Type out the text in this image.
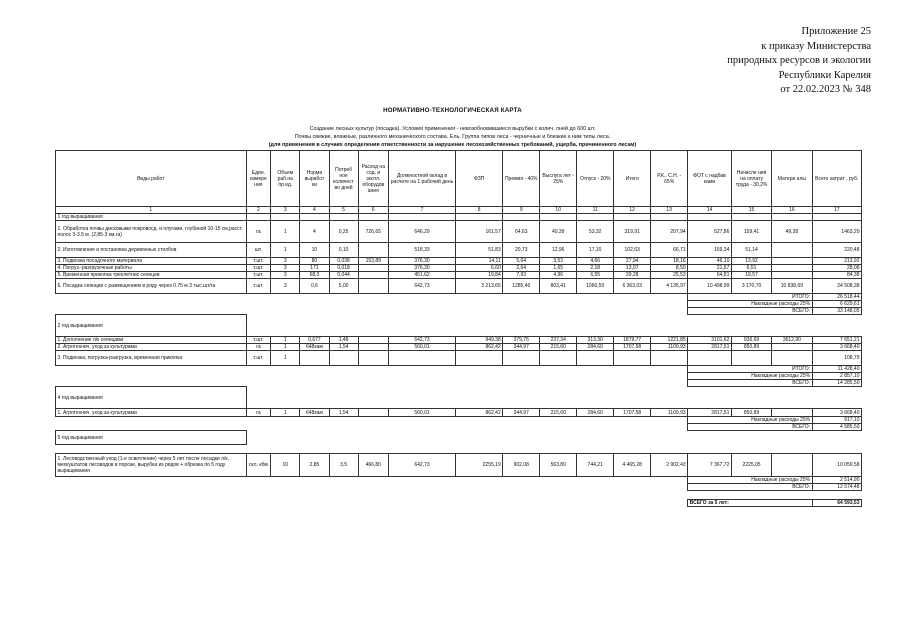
Приложение 25
к приказу Министерства
природных ресурсов и экологии
Республики Карелия
от 22.02.2023 № 348
НОРМАТИВНО-ТЕХНОЛОГИЧЕСКАЯ КАРТА
Создание лесных культур (посадка). Условия применения - невозобновившиеся вырубки с колич. пней до 600 шт.
Почвы свежие, влажные, различного механического состава. Ель. Группа типов леса - черничные и близкие к ним типы леса.
(для применения в случаях определения ответственности за нарушение лесохозяйственных требований, ущерба, причиненного лесам)
Виды работ	Един. измере ния	Объем раб.на пр.ед.	Норма выработ ки	Потреб ное количест во дней	Расход на сод. и экспл. оборудов ания	Должностной оклад в расчете на 1 рабочий день	ФЗП	Премия - 40%	Выслуга лет - 25%	Отпуск - 20%	Итого	Р.К., С.Н. - 65%	ФОТ с надбав ками	Начисле ния на оплату труда - 30,2%	Матери алы	Всего затрат , руб.
1	2	3	4	5	6	7	8	9	10	11	12	13	14	15	16	17
1 год выращивания																
1. Обработка почвы дисковыми покровосд. и плугами, глубиной 10-15 см,расст. полос 3-3.5 м. (2,85-3 км.га)	га	1	4	0,25	726,65	646,29	161,57	64,63	40,39	53,32	319,91	207,94	527,86	159,41	49,28	1463,20
2. Изготовление и постановка деревянных столбов	шт.	1	10	0,10		518,33	51,83	20,73	12,96	17,10	102,63	66,71	169,34	51,14		220,48
3. Подвозка посадочного материала	т.шт.	3	80	0,038	153,89	376,30	14,11	5,64	3,53	4,66	27,94	18,16	46,10	13,92		213,92
4. Погруз.-разгрузочные работы	т.шт.	3	171	0,018		376,30	6,60	2,64	1,65	2,18	13,07	8,50	21,57	6,51		28,08
5. Временная прикопка трехлетних сеянцев	т.шт.	3	68,3	0,044		451,62	19,84	7,93	4,96	6,55	39,28	25,53	64,81	19,57		84,38
6. Посадка сеянцев с размещением в ряду через 0.75 м 3 тыс.шт/га	т.шт.	3	0,6	5,00		642,73	3 213,65	1285,46	803,41	1060,50	6 363,03	4 135,97	10 498,99	3 170,70	10 838,69	24 508,38
													ИТОГО:			26 518,44
													Накладные расходы 25%			6 629,61
													ВСЕГО:			33 148,05
2 год выращивания																
1. Дополнение л/к сеянцами	т.шт.	1	0,677	1,48		642,73	949,38	379,75	237,34	313,30	1879,77	1221,85	3101,62	936,69	3612,90	7 651,21
2. Агротехнич. уход за культурами	га	1	648кам	1,54		560,01	862,42	344,97	215,60	284,60	1707,58	1109,93	2817,51	850,89		3 668,40
3. Подвозка, погрузка-разгрузка, временная прикопка	т.шт.	1														108,79
													ИТОГО:			11 428,40
													Накладные расходы 25%			2 857,10
													ВСЕГО:			14 285,50
4 год выращивания																
1. Агротехнич. уход за культурами	га	1	648кам	1,54		560,01	862,42	344,97	215,60	284,60	1707,58	1109,93	2817,51	850,89		3 668,40
													Накладные расходы 25%			917,10
													ВСЕГО:			4 585,50
5 год выращивания																

1. Лесоводственный уход (1-е осветление) через 5 лет после посадки л/к, мехкуштатов лесоводов в порозе, вырубка из рядов + обрезка по 5 году выращивания	скл. кбм	10	2,85	3,5	466,80	642,73	2255,19	902,08	563,80	744,21	4 465,28	2 902,43	7 367,72	2225,05		10 059,58
													Накладные расходы 25%			2 514,90
													ВСЕГО:			12 574,48

													ВСЕГО за 5 лет:			64 593,53
